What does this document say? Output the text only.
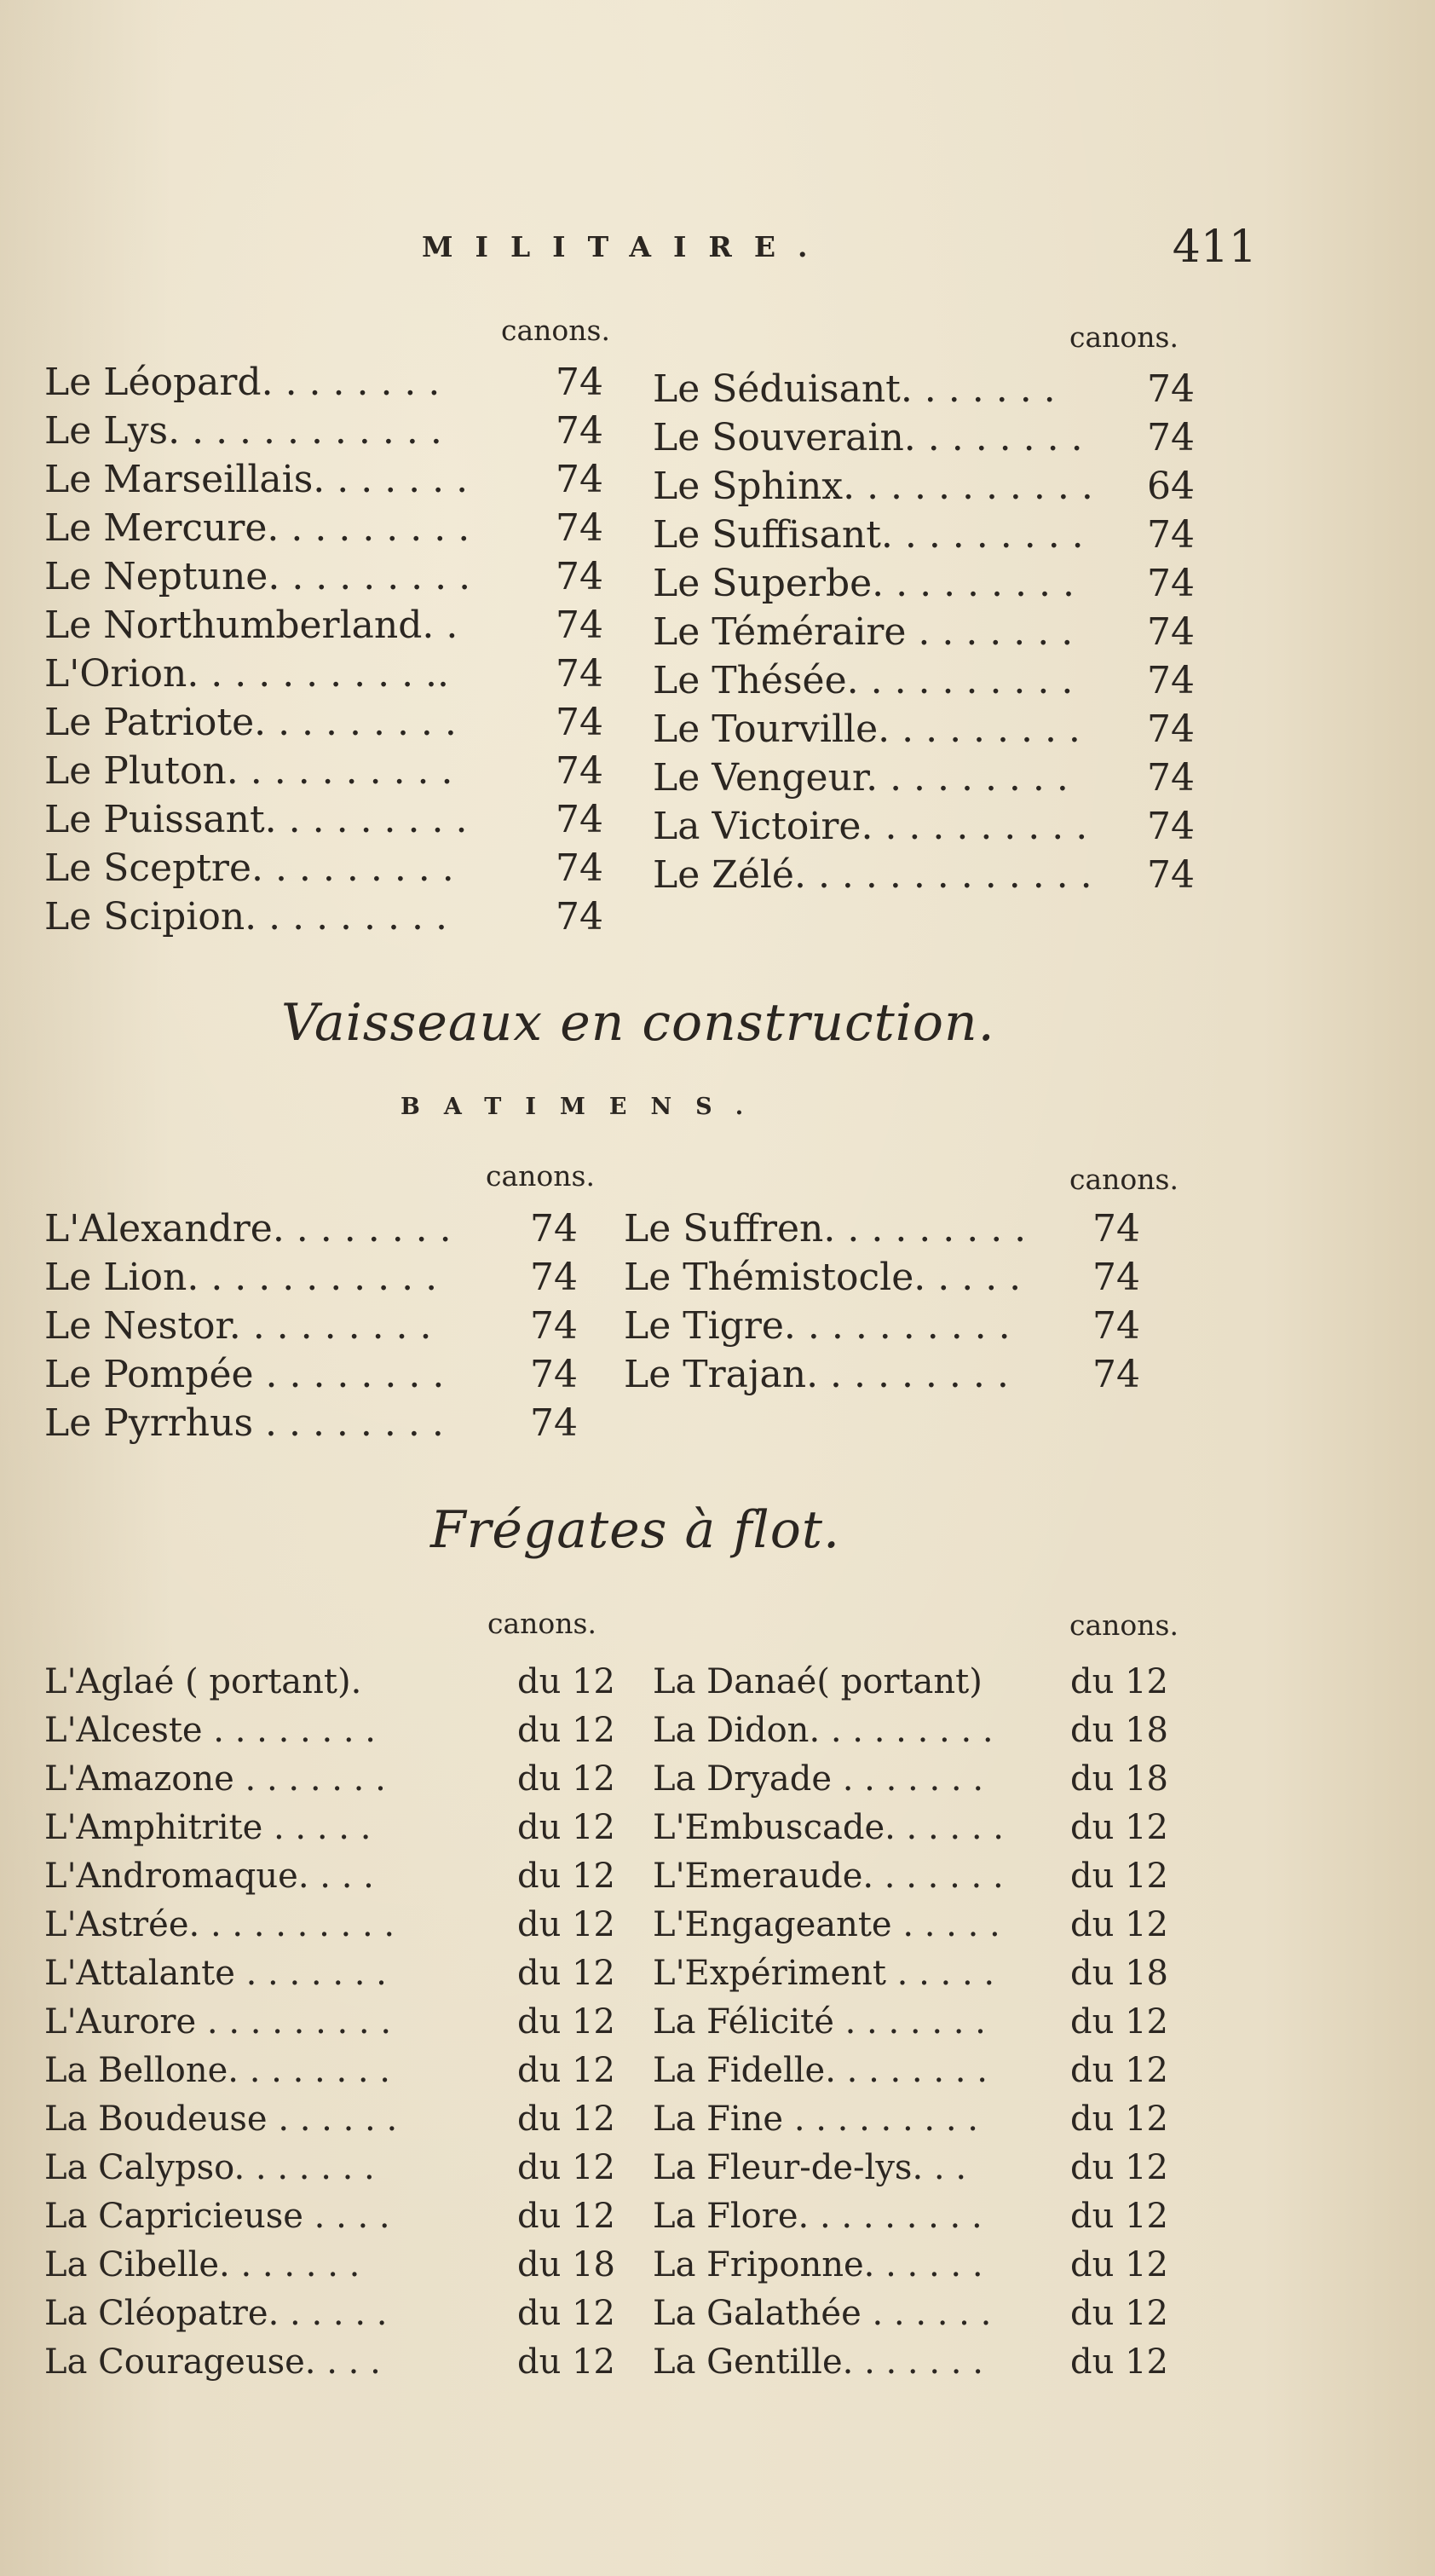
MILITAIRE.	411
canons.	canons.
Le Léopard. . . . . . . .	74
Le Lys. . . . . . . . . . . .	74
Le Marseillais. . . . . . . 74
Le Mercure. . . . . . . . . 74
Le Neptune. . . . . . . . . 74
Le Northumberland. .	74
L'Orion. . . . . . . . . . ..	74
Le Patriote. . . . . . . . .	74
Le Pluton. . . . . . . . . .	74
Le Puissant. . . . . . . . . 74
Le Sceptre. . . . . . . . .	74
Le Scipion. . . . . . . . .	74
Le Séduisant. . . . . . . 74
Le Souverain. . . . . . . . 74
Le Sphinx. . . . . . . . . . . 64
Le Suffisant. . . . . . . . . 74
Le Superbe. . . . . . . . . 74
Le Téméraire . . . . . . . 74
Le Thésée. . . . . . . . . . 74
Le Tourville. . . . . . . . . 74
Le Vengeur. . . . . . . . . 74
La Victoire. . . . . . . . . . 74
Le Zélé. . . . . . . . . . . . . 74
Vaisseaux en construction.
BATIMENS.
canons.	canons.
L'Alexandre. . . . . . . . 74
Le Lion. . . . . . . . . . . 74
Le Nestor. . . . . . . . .	74
Le Pompée . . . . . . . . 74
Le Pyrrhus . . . . . . . . 74
Le Suffren. . . . . . . . . 74
Le Thémistocle. . . . . 74
Le Tigre. . . . . . . . . . 74
Le Trajan. . . . . . . . . 74
Frégates à flot.
canons.	canons.
L'Aglaé ( portant).	du 12
L'Alceste . . . . . . . .	du 12
L'Amazone . . . . . . .	du 12
L'Amphitrite . . . . .	du 12
L'Andromaque. . . .	du 12
L'Astrée. . . . . . . . . .	du 12
L'Attalante . . . . . . .	du 12
L'Aurore . . . . . . . . .	du 12
La Bellone. . . . . . . .	du 12
La Boudeuse . . . . . .	du 12
La Calypso. . . . . . .	du 12
La Capricieuse . . . .	du 12
La Cibelle. . . . . . .	du 18
La Cléopatre. . . . . .	du 12
La Courageuse. . . .	du 12
La Danaé( portant)	du 12
La Didon. . . . . . . . . du 18
La Dryade . . . . . . .	du 18
L'Embuscade. . . . . . du 12
L'Emeraude. . . . . . . du 12
L'Engageante . . . . . du 12
L'Expériment . . . . . du 18
La Félicité . . . . . . . du 12
La Fidelle. . . . . . . . du 12
La Fine . . . . . . . . .	du 12
La Fleur-de-lys. . .	du 12
La Flore. . . . . . . . .	du 12
La Friponne. . . . . .	du 12
La Galathée . . . . . . du 12
La Gentille. . . . . . .	du 12
